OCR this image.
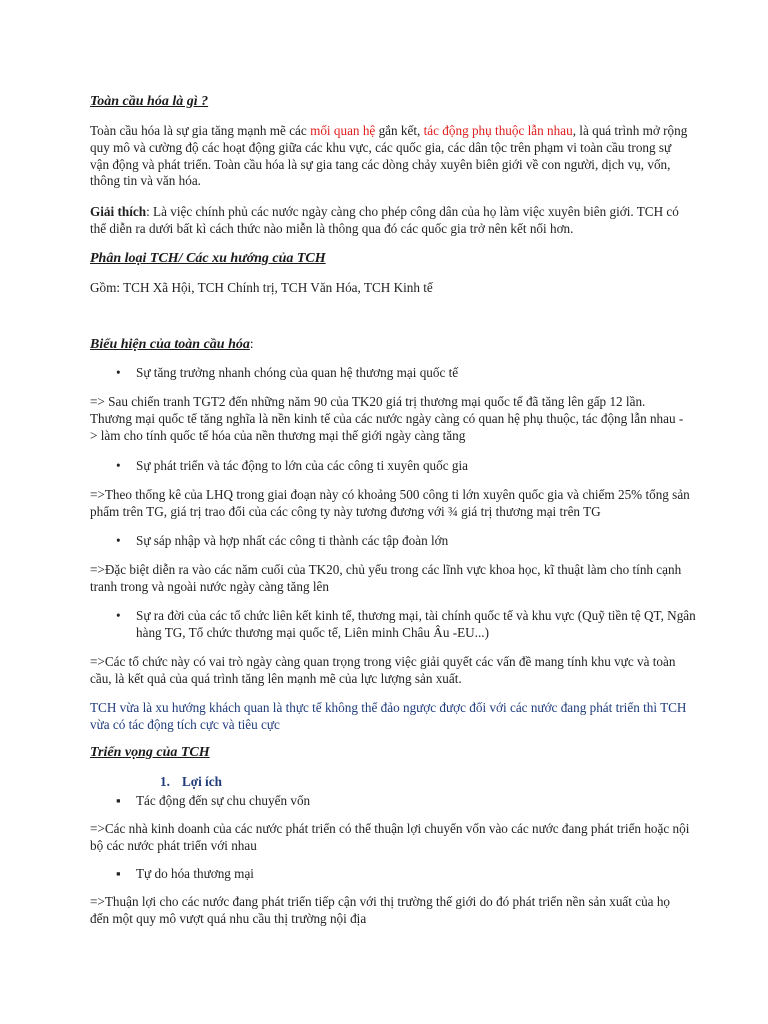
Toàn cầu hóa là gì ?

Toàn cầu hóa là sự gia tăng mạnh mẽ các mối quan hệ gắn kết, tác động phụ thuộc lẫn nhau, là quá trình mở rộng quy mô và cường độ các hoạt động giữa các khu vực, các quốc gia, các dân tộc trên phạm vi toàn cầu trong sự vận động và phát triển. Toàn cầu hóa là sự gia tang các dòng chảy xuyên biên giới về con người, dịch vụ, vốn, thông tin và văn hóa.

Giải thích: Là việc chính phủ các nước ngày càng cho phép công dân của họ làm việc xuyên biên giới. TCH có thể diễn ra dưới bất kì cách thức nào miễn là thông qua đó các quốc gia trở nên kết nối hơn.

Phân loại TCH/ Các xu hướng của TCH

Gồm: TCH Xã Hội, TCH Chính trị, TCH Văn Hóa, TCH Kinh tế

Biểu hiện của toàn cầu hóa:

• Sự tăng trưởng nhanh chóng của quan hệ thương mại quốc tế

=> Sau chiến tranh TGT2 đến những năm 90 của TK20 giá trị thương mại quốc tế đã tăng lên gấp 12 lần. Thương mại quốc tế tăng nghĩa là nền kinh tế của các nước ngày càng có quan hệ phụ thuộc, tác động lẫn nhau -> làm cho tính quốc tế hóa của nền thương mại thế giới ngày càng tăng

• Sự phát triển và tác động to lớn của các công ti xuyên quốc gia

=>Theo thống kê của LHQ trong giai đoạn này có khoảng 500 công ti lớn xuyên quốc gia và chiếm 25% tổng sản phẩm trên TG, giá trị trao đổi của các công ty này tương đương với ¾ giá trị thương mại trên TG

• Sự sáp nhập và hợp nhất các công ti thành các tập đoàn lớn

=>Đặc biệt diễn ra vào các năm cuối của TK20, chủ yếu trong các lĩnh vực khoa học, kĩ thuật làm cho tính cạnh tranh trong và ngoài nước ngày càng tăng lên

• Sự ra đời của các tổ chức liên kết kinh tế, thương mại, tài chính quốc tế và khu vực (Quỹ tiền tệ QT, Ngân hàng TG, Tổ chức thương mại quốc tế, Liên minh Châu Âu -EU...)

=>Các tổ chức này có vai trò ngày càng quan trọng trong việc giải quyết các vấn đề mang tính khu vực và toàn cầu, là kết quả của quá trình tăng lên mạnh mẽ của lực lượng sản xuất.

TCH vừa là xu hướng khách quan là thực tế không thể đảo ngược được đối với các nước đang phát triển thì TCH vừa có tác động tích cực và tiêu cực

Triển vọng của TCH

1. Lợi ích

▪ Tác động đến sự chu chuyển vốn

=>Các nhà kinh doanh của các nước phát triển có thể thuận lợi chuyển vốn vào các nước đang phát triển hoặc nội bộ các nước phát triển với nhau

▪ Tự do hóa thương mại

=>Thuận lợi cho các nước đang phát triển tiếp cận với thị trường thế giới do đó phát triển nền sản xuất của họ đến một quy mô vượt quá nhu cầu thị trường nội địa
